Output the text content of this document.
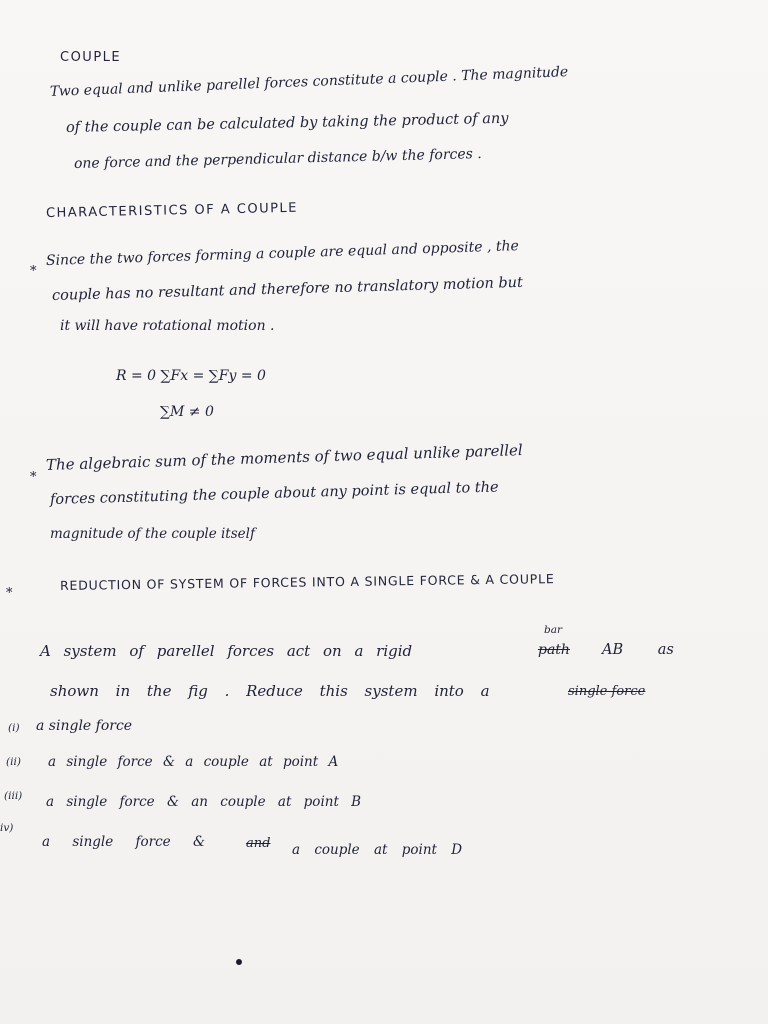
COUPLE
Two equal and unlike parellel forces constitute a couple . The magnitude
of the couple can be calculated by taking the product of any
one force and the perpendicular distance b/w the forces .
CHARACTERISTICS OF A COUPLE
*
Since the two forces forming a couple are equal and opposite , the
couple has no resultant and therefore no translatory motion but
it will have rotational motion .
R = 0 ∑Fx = ∑Fy = 0
∑M ≠ 0
*
The algebraic sum of the moments of two equal unlike parellel
forces constituting the couple about any point is equal to the
magnitude of the couple itself
*
REDUCTION OF SYSTEM OF FORCES INTO A SINGLE FORCE & A COUPLE
A system of parellel forces act on a rigid
bar
path AB as
shown in the fig . Reduce this system into a	single force
(i) a single force
(ii) a single force & a couple at point A
(iii) a single force & an couple at point B
iv)
a single force &	and a couple at point D
